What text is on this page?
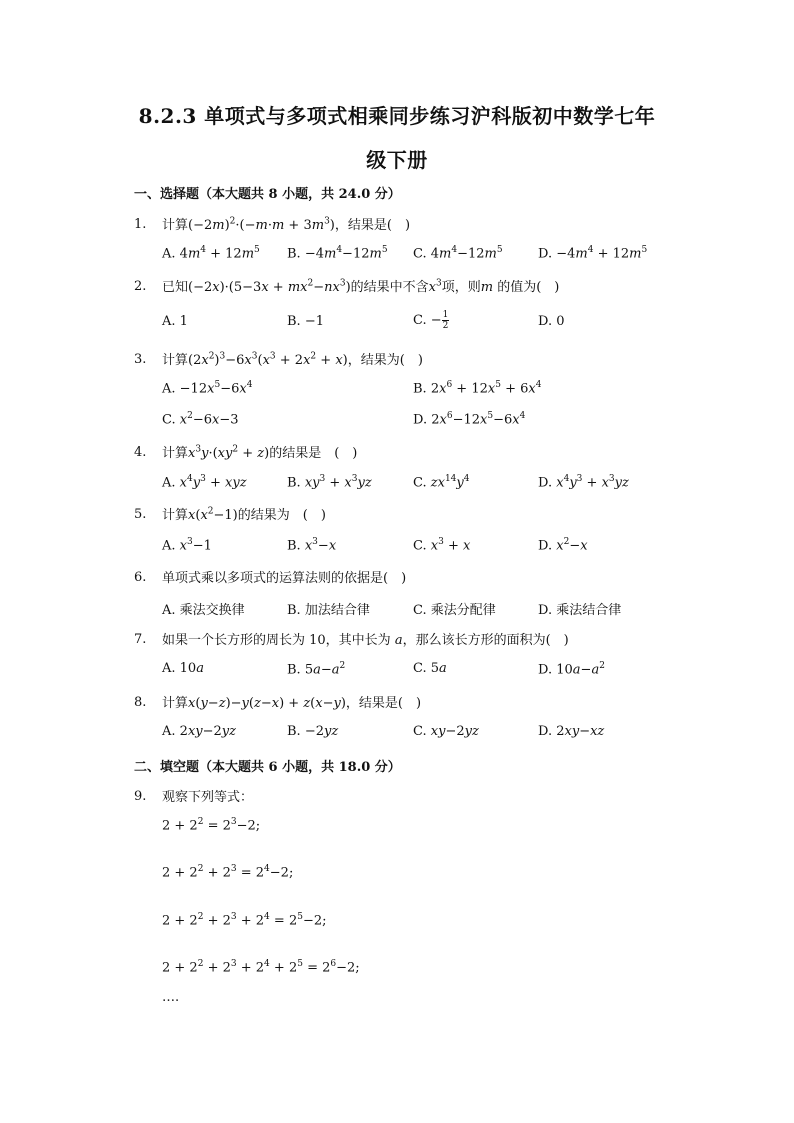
8.2.3 单项式与多项式相乘同步练习沪科版初中数学七年
级下册
一、选择题（本大题共 8 小题，共 24.0 分）
1. 计算$(-2m)^2\cdot(-m\cdot m + 3m^3)$，结果是(　)
A. $4m^4 + 12m^5$ B. $-4m^4-12m^5$ C. $4m^4-12m^5$	D. $-4m^4 + 12m^5$
2. 已知$(-2x)\cdot(5-3x + mx^2-nx^3)$的结果中不含$x^3$项，则m 的值为(　)
A. 1	B. −1	C. − $\frac{1}{2}$	D. 0
3. 计算$(2x^2)^3-6x^3(x^3 + 2x^2 + x)$，结果为(　)
A. $-12x^5-6x^4$	B. $2x^6 + 12x^5 + 6x^4$
C. $x^2-6x-3$	D. $2x^6-12x^5-6x^4$
4. 计算$x^3y\cdot(xy^2 + z)$的结果是　(　)
A. $x^4y^3$ + xyz	B. $xy^3 + x^3yz$	C. $zx^{14}y^4$	D. $x^4y^3 + x^3yz$
5. 计算$x(x^2-1)$的结果为　(　)
A. $x^3-1$	B. $x^3-x$	C. $x^3 + x$	D. $x^2-x$
6. 单项式乘以多项式的运算法则的依据是(　)
A. 乘法交换律	B. 加法结合律	C. 乘法分配律	D. 乘法结合律
7. 如果一个长方形的周长为 10，其中长为 a，那么该长方形的面积为(　)
A. 10a	B. $5a-a^2$	C. 5a	D. $10a-a^2$
8. 计算x(y−z)−y(z−x) + z(x−y)，结果是(　)
A. 2xy−2yz	B. −2yz	C. xy−2yz	D. 2xy−xz
二、填空题（本大题共 6 小题，共 18.0 分）
9. 观察下列等式：
$2 + 2^2 = 2^3-2$;
$2 + 2^2 + 2^3 = 2^4-2$;
$2 + 2^2 + 2^3 + 2^4 = 2^5-2$;
$2 + 2^2 + 2^3 + 2^4 + 2^5 = 2^6-2$;
….
